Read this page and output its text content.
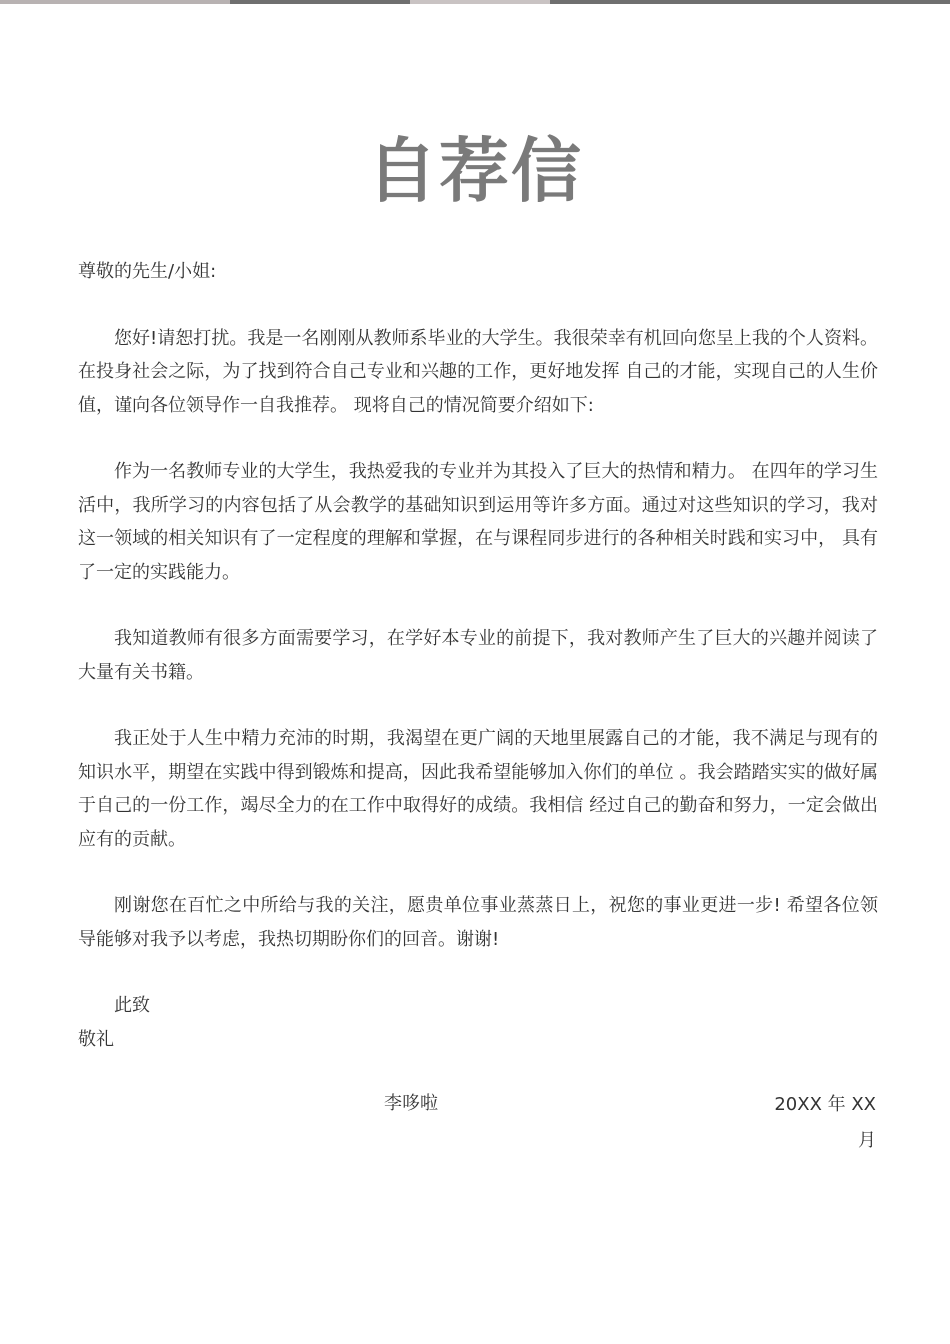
自荐信

尊敬的先生/小姐:

您好!请恕打扰。我是一名刚刚从教师系毕业的大学生。我很荣幸有机回向您呈上我的个人资料。在投身社会之际，为了找到符合自己专业和兴趣的工作，更好地发挥 自己的才能，实现自己的人生价值，谨向各位领导作一自我推荐。 现将自己的情况简要介绍如下:

作为一名教师专业的大学生，我热爱我的专业并为其投入了巨大的热情和精力。 在四年的学习生活中，我所学习的内容包括了从会教学的基础知识到运用等许多方面。通过对这些知识的学习，我对这一领域的相关知识有了一定程度的理解和掌握，在与课程同步进行的各种相关时践和实习中， 具有了一定的实践能力。

我知道教师有很多方面需要学习，在学好本专业的前提下，我对教师产生了巨大的兴趣并阅读了大量有关书籍。

我正处于人生中精力充沛的时期，我渴望在更广阔的天地里展露自己的才能，我不满足与现有的知识水平，期望在实践中得到锻炼和提高，因此我希望能够加入你们的单位 。我会踏踏实实的做好属于自己的一份工作，竭尽全力的在工作中取得好的成绩。我相信 经过自己的勤奋和努力，一定会做出应有的贡献。

刚谢您在百忙之中所给与我的关注，愿贵单位事业蒸蒸日上，祝您的事业更进一步! 希望各位领导能够对我予以考虑，我热切期盼你们的回音。谢谢!

此致

敬礼

李哆啦	20XX 年 XX 月
